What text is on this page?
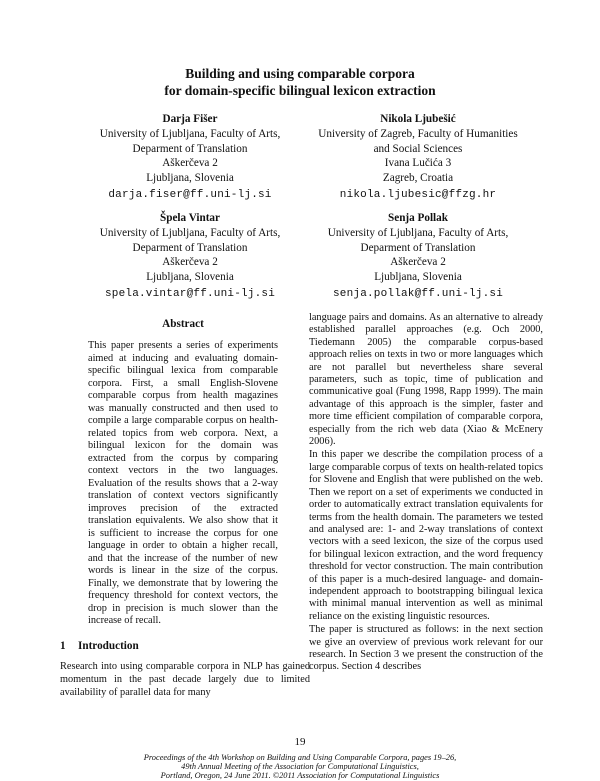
Building and using comparable corpora
for domain-specific bilingual lexicon extraction
Darja Fišer
University of Ljubljana, Faculty of Arts,
Deparment of Translation
Aškerčeva 2
Ljubljana, Slovenia
darja.fiser@ff.uni-lj.si
Nikola Ljubešić
University of Zagreb, Faculty of Humanities
and Social Sciences
Ivana Lučića 3
Zagreb, Croatia
nikola.ljubesic@ffzg.hr
Špela Vintar
University of Ljubljana, Faculty of Arts,
Deparment of Translation
Aškerčeva 2
Ljubljana, Slovenia
spela.vintar@ff.uni-lj.si
Senja Pollak
University of Ljubljana, Faculty of Arts,
Deparment of Translation
Aškerčeva 2
Ljubljana, Slovenia
senja.pollak@ff.uni-lj.si
Abstract
This paper presents a series of experiments aimed at inducing and evaluating domain-specific bilingual lexica from comparable corpora. First, a small English-Slovene comparable corpus from health magazines was manually constructed and then used to compile a large comparable corpus on health-related topics from web corpora. Next, a bilingual lexicon for the domain was extracted from the corpus by comparing context vectors in the two languages. Evaluation of the results shows that a 2-way translation of context vectors significantly improves precision of the extracted translation equivalents. We also show that it is sufficient to increase the corpus for one language in order to obtain a higher recall, and that the increase of the number of new words is linear in the size of the corpus. Finally, we demonstrate that by lowering the frequency threshold for context vectors, the drop in precision is much slower than the increase of recall.
1 Introduction
Research into using comparable corpora in NLP has gained momentum in the past decade largely due to limited availability of parallel data for many

language pairs and domains. As an alternative to already established parallel approaches (e.g. Och 2000, Tiedemann 2005) the comparable corpus-based approach relies on texts in two or more languages which are not parallel but nevertheless share several parameters, such as topic, time of publication and communicative goal (Fung 1998, Rapp 1999). The main advantage of this approach is the simpler, faster and more time efficient compilation of comparable corpora, especially from the rich web data (Xiao & McEnery 2006).

In this paper we describe the compilation process of a large comparable corpus of texts on health-related topics for Slovene and English that were published on the web. Then we report on a set of experiments we conducted in order to automatically extract translation equivalents for terms from the health domain. The parameters we tested and analysed are: 1- and 2-way translations of context vectors with a seed lexicon, the size of the corpus used for bilingual lexicon extraction, and the word frequency threshold for vector construction. The main contribution of this paper is a much-desired language- and domain-independent approach to bootstrapping bilingual lexica with minimal manual intervention as well as minimal reliance on the existing linguistic resources.

The paper is structured as follows: in the next section we give an overview of previous work relevant for our research. In Section 3 we present the construction of the corpus. Section 4 describes

19
Proceedings of the 4th Workshop on Building and Using Comparable Corpora, pages 19–26,
49th Annual Meeting of the Association for Computational Linguistics,
Portland, Oregon, 24 June 2011. ©2011 Association for Computational Linguistics
